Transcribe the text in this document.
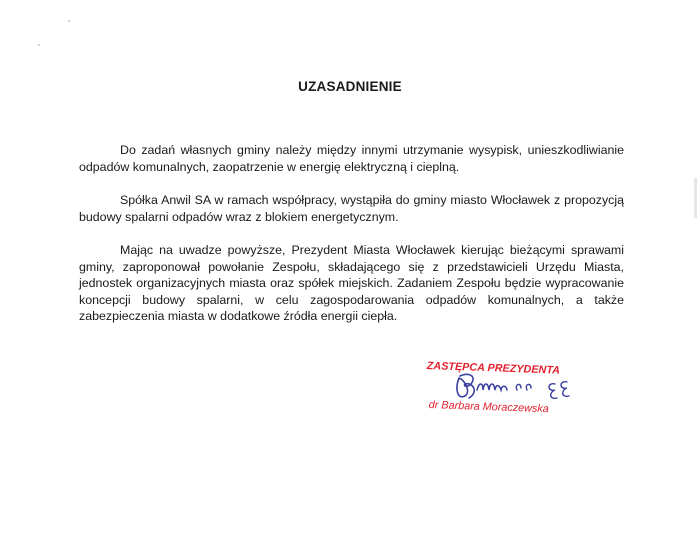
UZASADNIENIE

Do zadań własnych gminy należy między innymi utrzymanie wysypisk, unieszkodliwianie odpadów komunalnych, zaopatrzenie w energię elektryczną i cieplną.

Spółka Anwil SA w ramach współpracy, wystąpiła do gminy miasto Włocławek z propozycją budowy spalarni odpadów wraz z blokiem energetycznym.

Mając na uwadze powyższe, Prezydent Miasta Włocławek kierując bieżącymi sprawami gminy, zaproponował powołanie Zespołu, składającego się z przedstawicieli Urzędu Miasta, jednostek organizacyjnych miasta oraz spółek miejskich. Zadaniem Zespołu będzie wypracowanie koncepcji budowy spalarni, w celu zagospodarowania odpadów komunalnych, a także zabezpieczenia miasta w dodatkowe źródła energii ciepła.

ZASTĘPCA PREZYDENTA
dr Barbara Moraczewska
